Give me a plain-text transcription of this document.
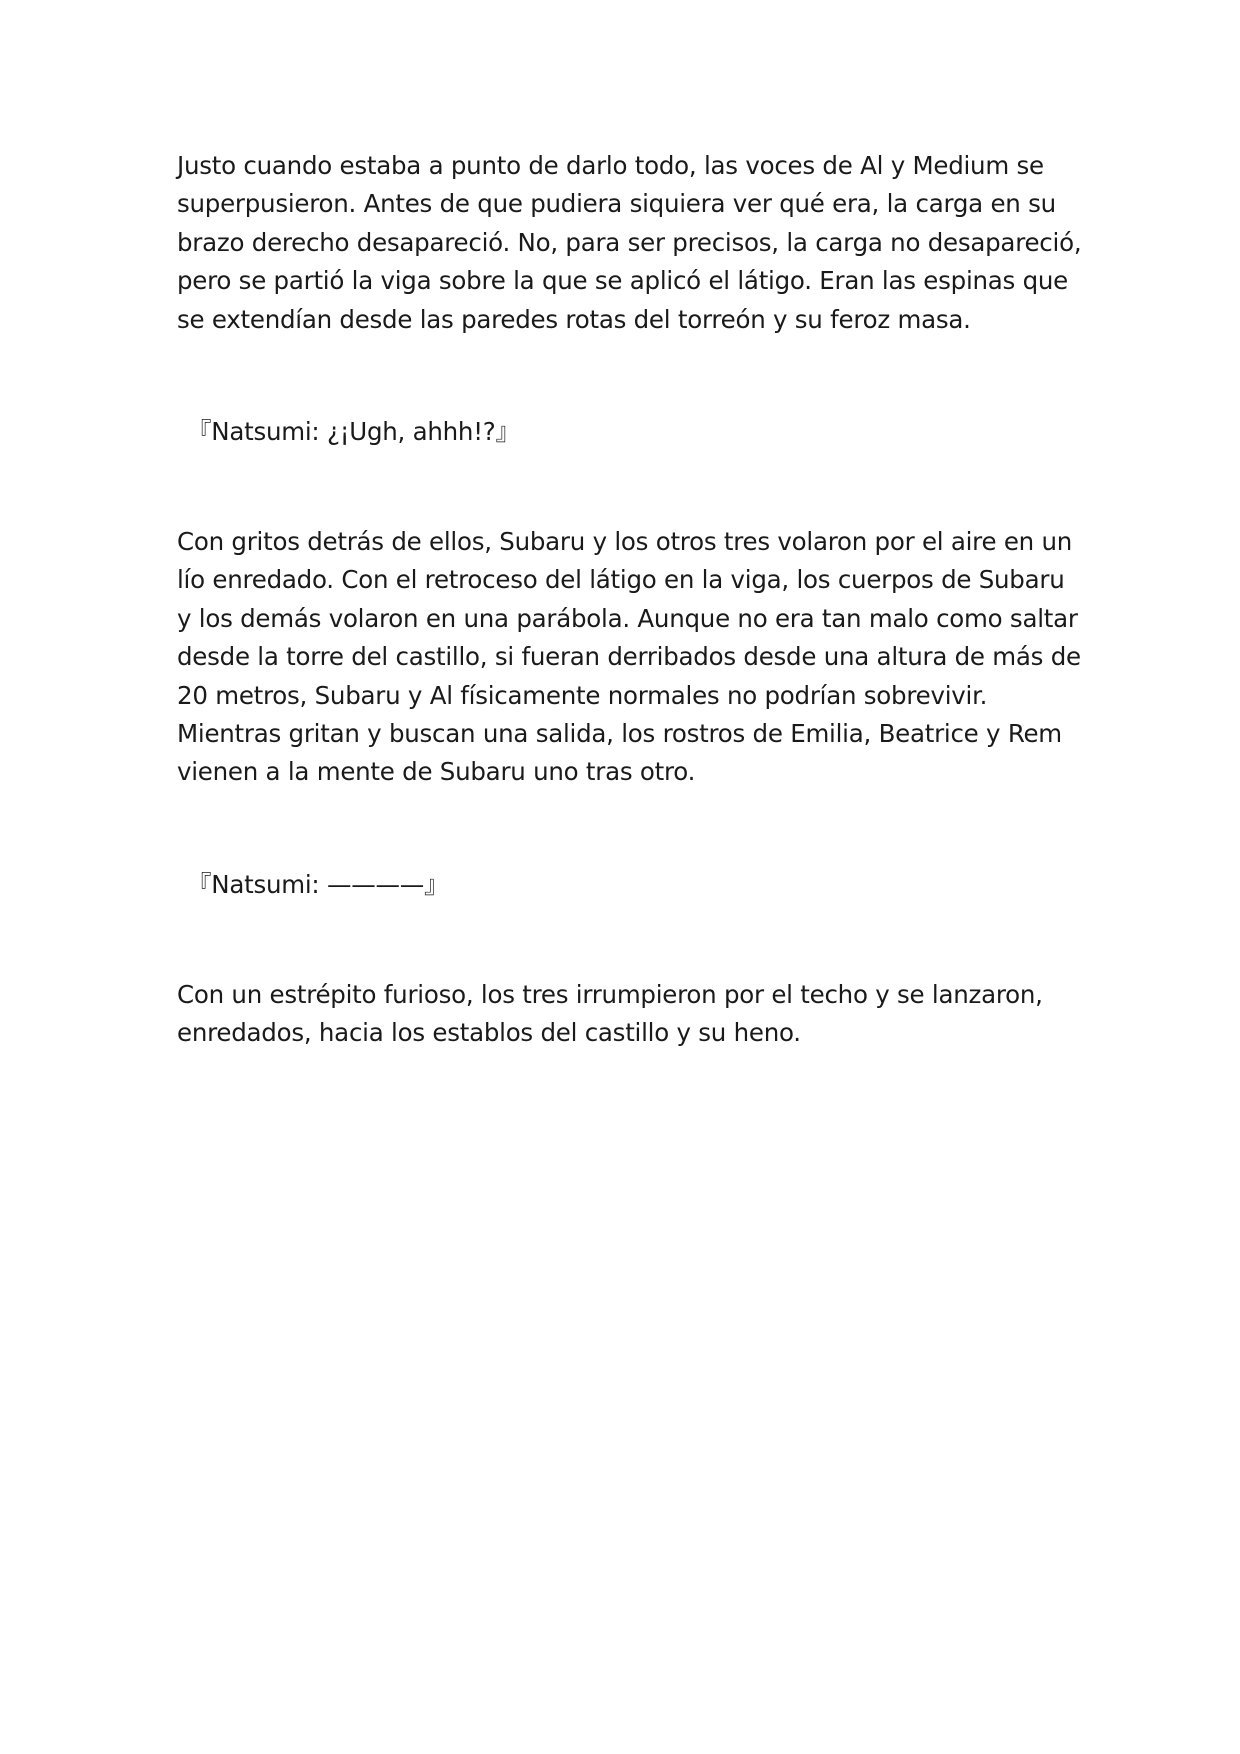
Justo cuando estaba a punto de darlo todo, las voces de Al y Medium se
superpusieron. Antes de que pudiera siquiera ver qué era, la carga en su
brazo derecho desapareció. No, para ser precisos, la carga no desapareció,
pero se partió la viga sobre la que se aplicó el látigo. Eran las espinas que
se extendían desde las paredes rotas del torreón y su feroz masa.
『Natsumi: ¿¡Ugh, ahhh!?』
Con gritos detrás de ellos, Subaru y los otros tres volaron por el aire en un
lío enredado. Con el retroceso del látigo en la viga, los cuerpos de Subaru
y los demás volaron en una parábola. Aunque no era tan malo como saltar
desde la torre del castillo, si fueran derribados desde una altura de más de
20 metros, Subaru y Al físicamente normales no podrían sobrevivir.
Mientras gritan y buscan una salida, los rostros de Emilia, Beatrice y Rem
vienen a la mente de Subaru uno tras otro.
『Natsumi: ————』
Con un estrépito furioso, los tres irrumpieron por el techo y se lanzaron,
enredados, hacia los establos del castillo y su heno.
